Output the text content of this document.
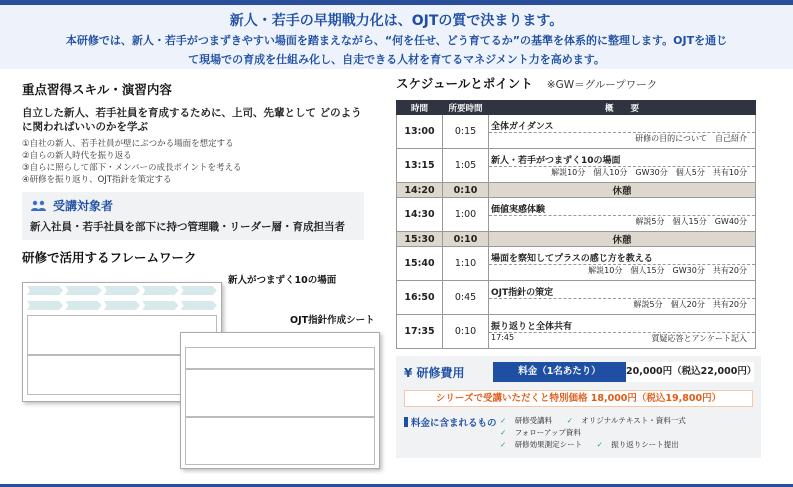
新人・若手の早期戦力化は、OJTの質で決まります。
本研修では、新人・若手がつまずきやすい場面を踏まえながら、“何を任せ、どう育てるか”の基準を体系的に整理します。OJTを通じ
て現場での育成を仕組み化し、自走できる人材を育てるマネジメント力を高めます。
重点習得スキル・演習内容
自立した新人、若手社員を育成するために、上司、先輩として どのように関わればいいのかを学ぶ
①自社の新人、若手社員が壁にぶつかる場面を想定する
②自らの新人時代を振り返る
③自らに照らして部下・メンバーの成長ポイントを考える
④研修を振り返り、OJT指針を策定する
受講対象者
新入社員・若手社員を部下に持つ管理職・リーダー層・育成担当者
研修で活用するフレームワーク
新人がつまずく10の場面
OJT指針作成シート
スケジュールとポイント ※GW＝グループワーク
時間	所要時間	概　　要
13:00	0:15	全体ガイダンス
研修の目的について　自己紹介

13:15	1:05	新人・若手がつまずく10の場面
解説10分　個人10分　GW30分　個人5分　共有10分

14:20	0:10	休憩
14:30	1:00	価値実感体験
解説5分　個人15分　GW40分

15:30	0:10	休憩
15:40	1:10	場面を察知してプラスの感じ方を教える
解説10分　個人15分　GW30分　共有20分

16:50	0:45	OJT指針の策定
解説5分　個人20分　共有20分

17:35	0:10	振り返りと全体共有
17:45 質疑応答とアンケート記入
¥ 研修費用	料金（1名あたり）	20,000円（税込22,000円）
シリーズで受講いただくと特別価格 18,000円（税込19,800円）
料金に含まれるもの ✓ 研修受講料 ✓ オリジナルテキスト・資料一式 ✓ フォローアップ資料
✓ 研修効果測定シート ✓ 振り返りシート提出
